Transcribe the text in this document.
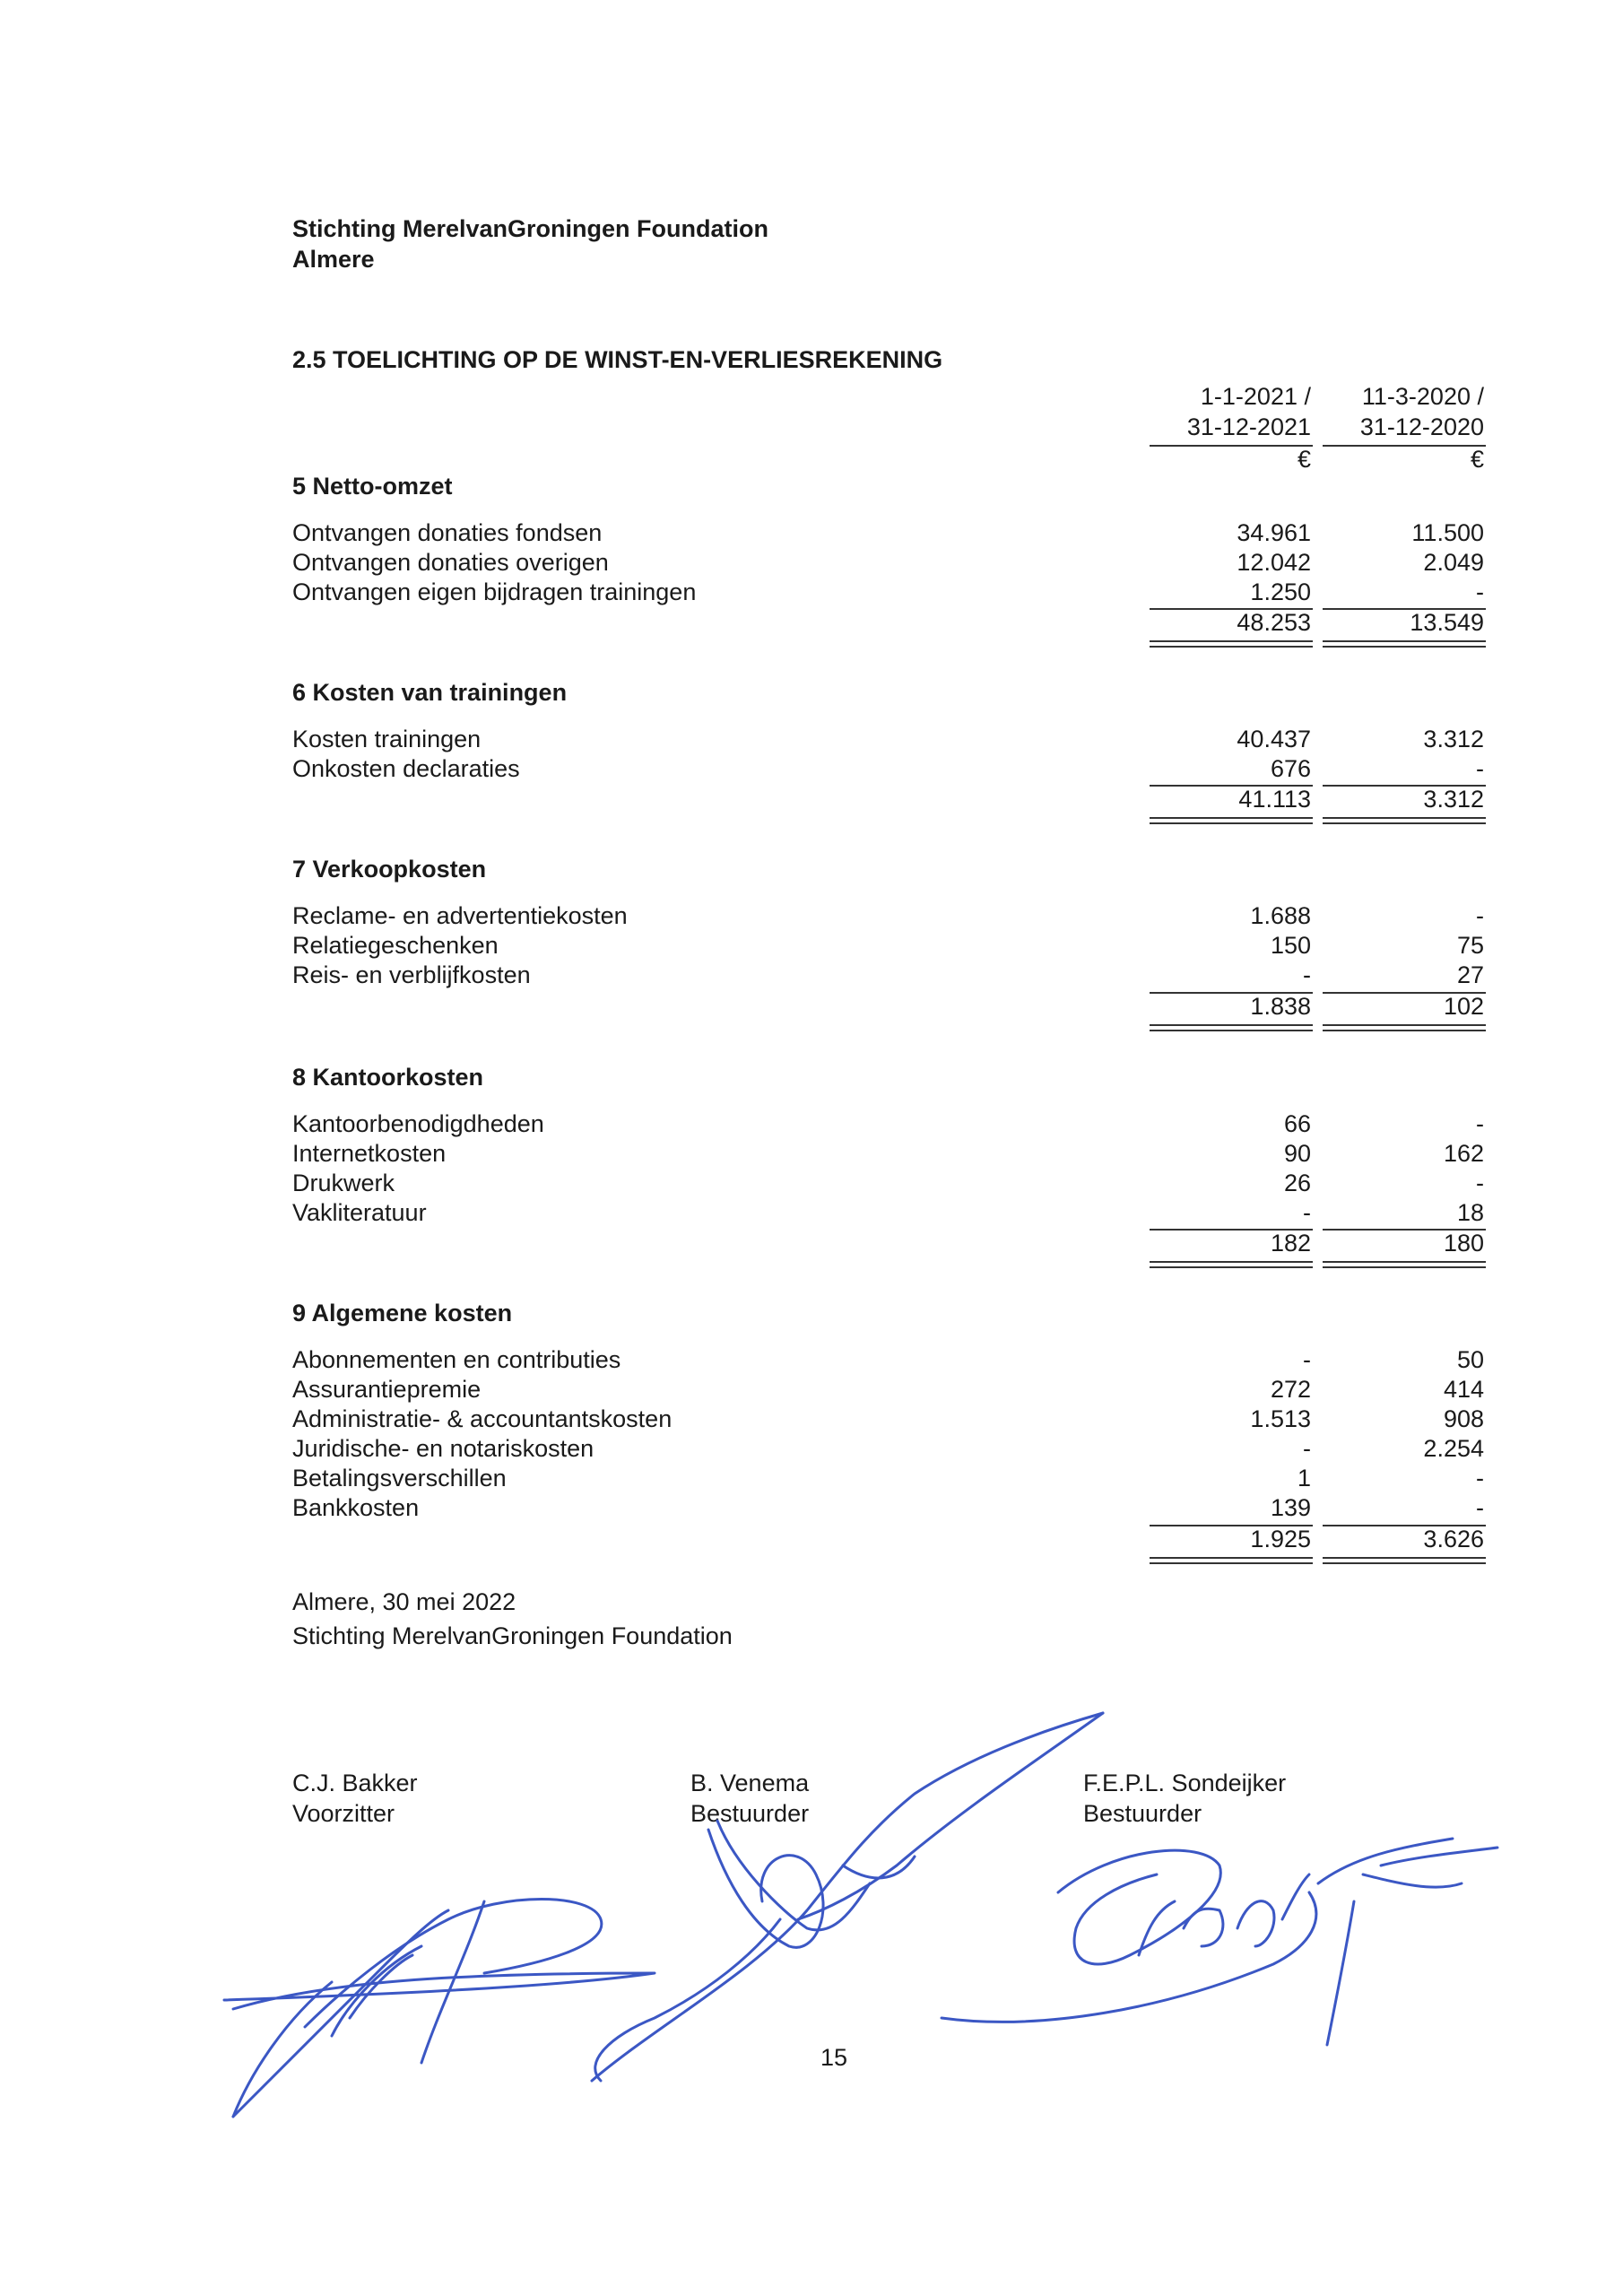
Stichting MerelvanGroningen Foundation
Almere
2.5 TOELICHTING OP DE WINST-EN-VERLIESREKENING
1-1-2021 /
31-12-2021
€
11-3-2020 /
31-12-2020
€
5 Netto-omzet
Ontvangen donaties fondsen	34.961	11.500
Ontvangen donaties overigen	12.042	2.049
Ontvangen eigen bijdragen trainingen	1.250	-
48.253	13.549
6 Kosten van trainingen
Kosten trainingen	40.437	3.312
Onkosten declaraties	676	-
41.113	3.312
7 Verkoopkosten
Reclame- en advertentiekosten	1.688	-
Relatiegeschenken	150	75
Reis- en verblijfkosten	-	27
1.838	102
8 Kantoorkosten
Kantoorbenodigdheden	66	-
Internetkosten	90	162
Drukwerk	26	-
Vakliteratuur	-	18
182	180
9 Algemene kosten
Abonnementen en contributies	-	50
Assurantiepremie	272	414
Administratie- & accountantskosten	1.513	908
Juridische- en notariskosten	-	2.254
Betalingsverschillen	1	-
Bankkosten	139	-
1.925	3.626
Almere, 30 mei 2022
Stichting MerelvanGroningen Foundation
C.J. Bakker
Voorzitter
B. Venema
Bestuurder
F.E.P.L. Sondeijker
Bestuurder
15
